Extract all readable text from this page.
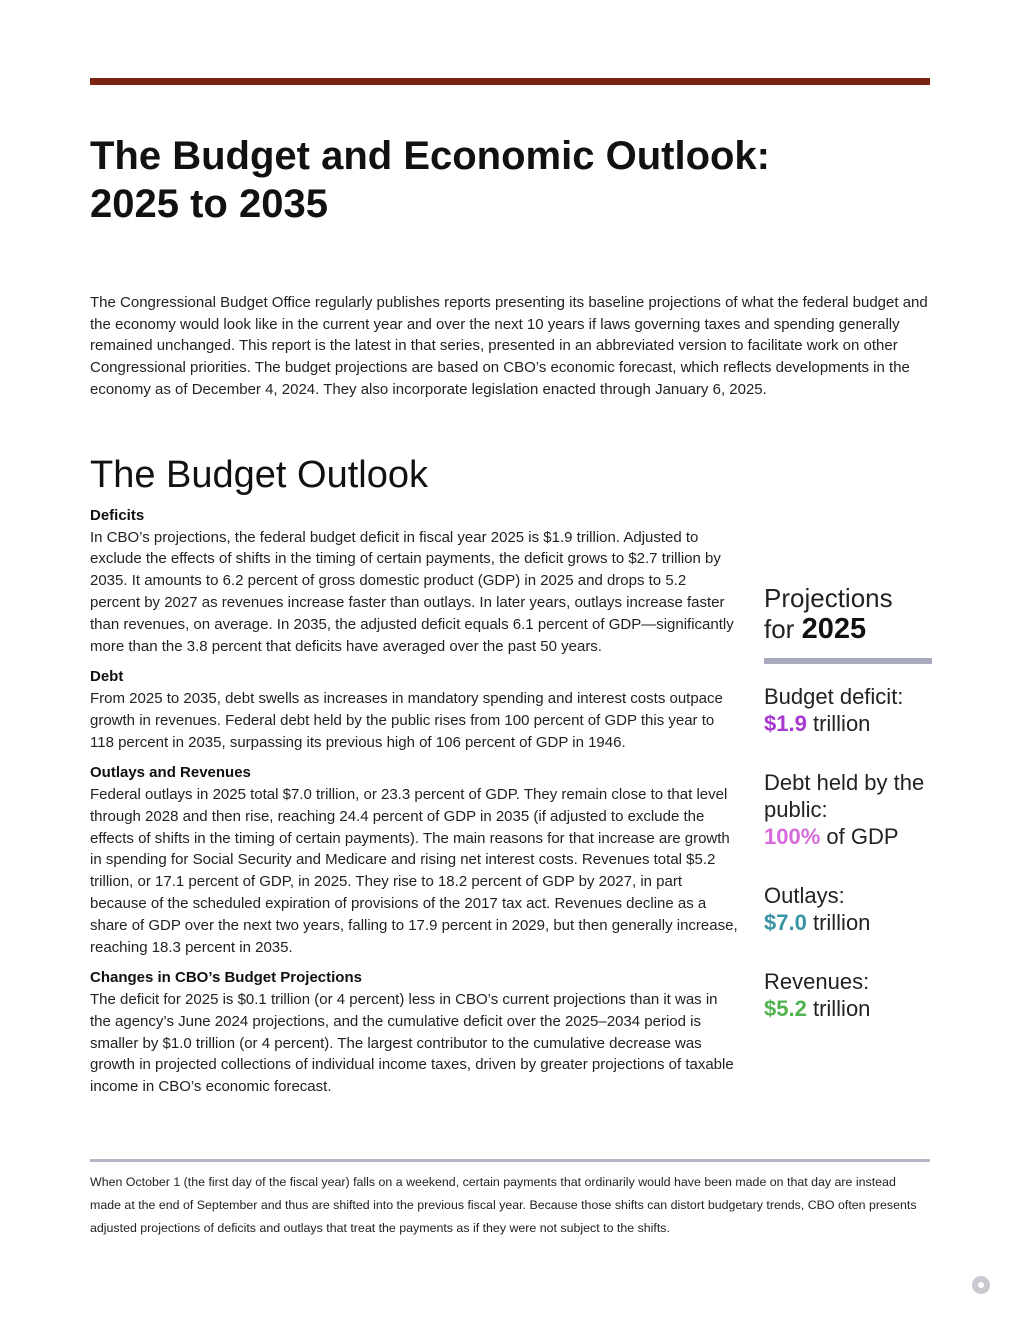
The Budget and Economic Outlook:
2025 to 2035

The Congressional Budget Office regularly publishes reports presenting its baseline projections of what the federal budget and the economy would look like in the current year and over the next 10 years if laws governing taxes and spending generally remained unchanged. This report is the latest in that series, presented in an abbreviated version to facilitate work on other Congressional priorities. The budget projections are based on CBO’s economic forecast, which reflects developments in the economy as of December 4, 2024. They also incorporate legislation enacted through January 6, 2025.

The Budget Outlook
Deficits

In CBO’s projections, the federal budget deficit in fiscal year 2025 is $1.9 trillion. Adjusted to exclude the effects of shifts in the timing of certain payments, the deficit grows to $2.7 trillion by 2035. It amounts to 6.2 percent of gross domestic product (GDP) in 2025 and drops to 5.2 percent by 2027 as revenues increase faster than outlays. In later years, outlays increase faster than revenues, on average. In 2035, the adjusted deficit equals 6.1 percent of GDP—significantly more than the 3.8 percent that deficits have averaged over the past 50 years.

Debt

From 2025 to 2035, debt swells as increases in mandatory spending and interest costs outpace growth in revenues. Federal debt held by the public rises from 100 percent of GDP this year to 118 percent in 2035, surpassing its previous high of 106 percent of GDP in 1946.

Outlays and Revenues

Federal outlays in 2025 total $7.0 trillion, or 23.3 percent of GDP. They remain close to that level through 2028 and then rise, reaching 24.4 percent of GDP in 2035 (if adjusted to exclude the effects of shifts in the timing of certain payments). The main reasons for that increase are growth in spending for Social Security and Medicare and rising net interest costs. Revenues total $5.2 trillion, or 17.1 percent of GDP, in 2025. They rise to 18.2 percent of GDP by 2027, in part because of the scheduled expiration of provisions of the 2017 tax act. Revenues decline as a share of GDP over the next two years, falling to 17.9 percent in 2029, but then generally increase, reaching 18.3 percent in 2035.

Changes in CBO’s Budget Projections

The deficit for 2025 is $0.1 trillion (or 4 percent) less in CBO’s current projections than it was in the agency’s June 2024 projections, and the cumulative deficit over the 2025–2034 period is smaller by $1.0 trillion (or 4 percent). The largest contributor to the cumulative decrease was growth in projected collections of individual income taxes, driven by greater projections of taxable income in CBO’s economic forecast.

Projections
for 2025
Budget deficit:
$1.9 trillion
Debt held by the public:
100% of GDP
Outlays:
$7.0 trillion
Revenues:
$5.2 trillion

When October 1 (the first day of the fiscal year) falls on a weekend, certain payments that ordinarily would have been made on that day are instead made at the end of September and thus are shifted into the previous fiscal year. Because those shifts can distort budgetary trends, CBO often presents adjusted projections of deficits and outlays that treat the payments as if they were not subject to the shifts.
